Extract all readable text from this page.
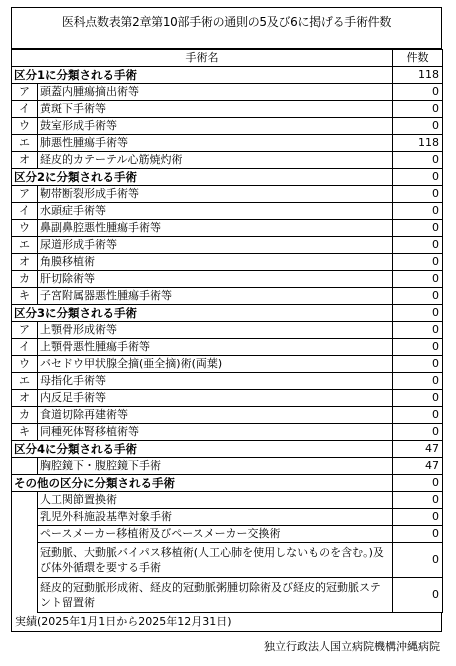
医科点数表第2章第10部手術の通則の5及び6に掲げる手術件数
手術名		件数
区分1に分類される手術		118
ア	頭蓋内腫瘍摘出術等	0
イ	黄斑下手術等	0
ウ	鼓室形成手術等	0
エ	肺悪性腫瘍手術等	118
オ	経皮的カテーテル心筋焼灼術	0
区分2に分類される手術		0
ア	靭帯断裂形成手術等	0
イ	水頭症手術等	0
ウ	鼻副鼻腔悪性腫瘍手術等	0
エ	尿道形成手術等	0
オ	角膜移植術	0
カ	肝切除術等	0
キ	子宮附属器悪性腫瘍手術等	0
区分3に分類される手術		0
ア	上顎骨形成術等	0
イ	上顎骨悪性腫瘍手術等	0
ウ	バセドウ甲状腺全摘(亜全摘)術(両葉)	0
エ	母指化手術等	0
オ	内反足手術等	0
カ	食道切除再建術等	0
キ	同種死体腎移植術等	0
区分4に分類される手術		47
	胸腔鏡下・腹腔鏡下手術	47
その他の区分に分類される手術		0
	人工関節置換術	0
	乳児外科施設基準対象手術	0
	ペースメーカー移植術及びペースメーカー交換術	0
	冠動脈、大動脈バイパス移植術(人工心肺を使用しないものを含む。)及び体外循環を要する手術	0
	経皮的冠動脈形成術、経皮的冠動脈粥腫切除術及び経皮的冠動脈ステント留置術	0
実績(2025年1月1日から2025年12月31日)
独立行政法人国立病院機構沖縄病院
